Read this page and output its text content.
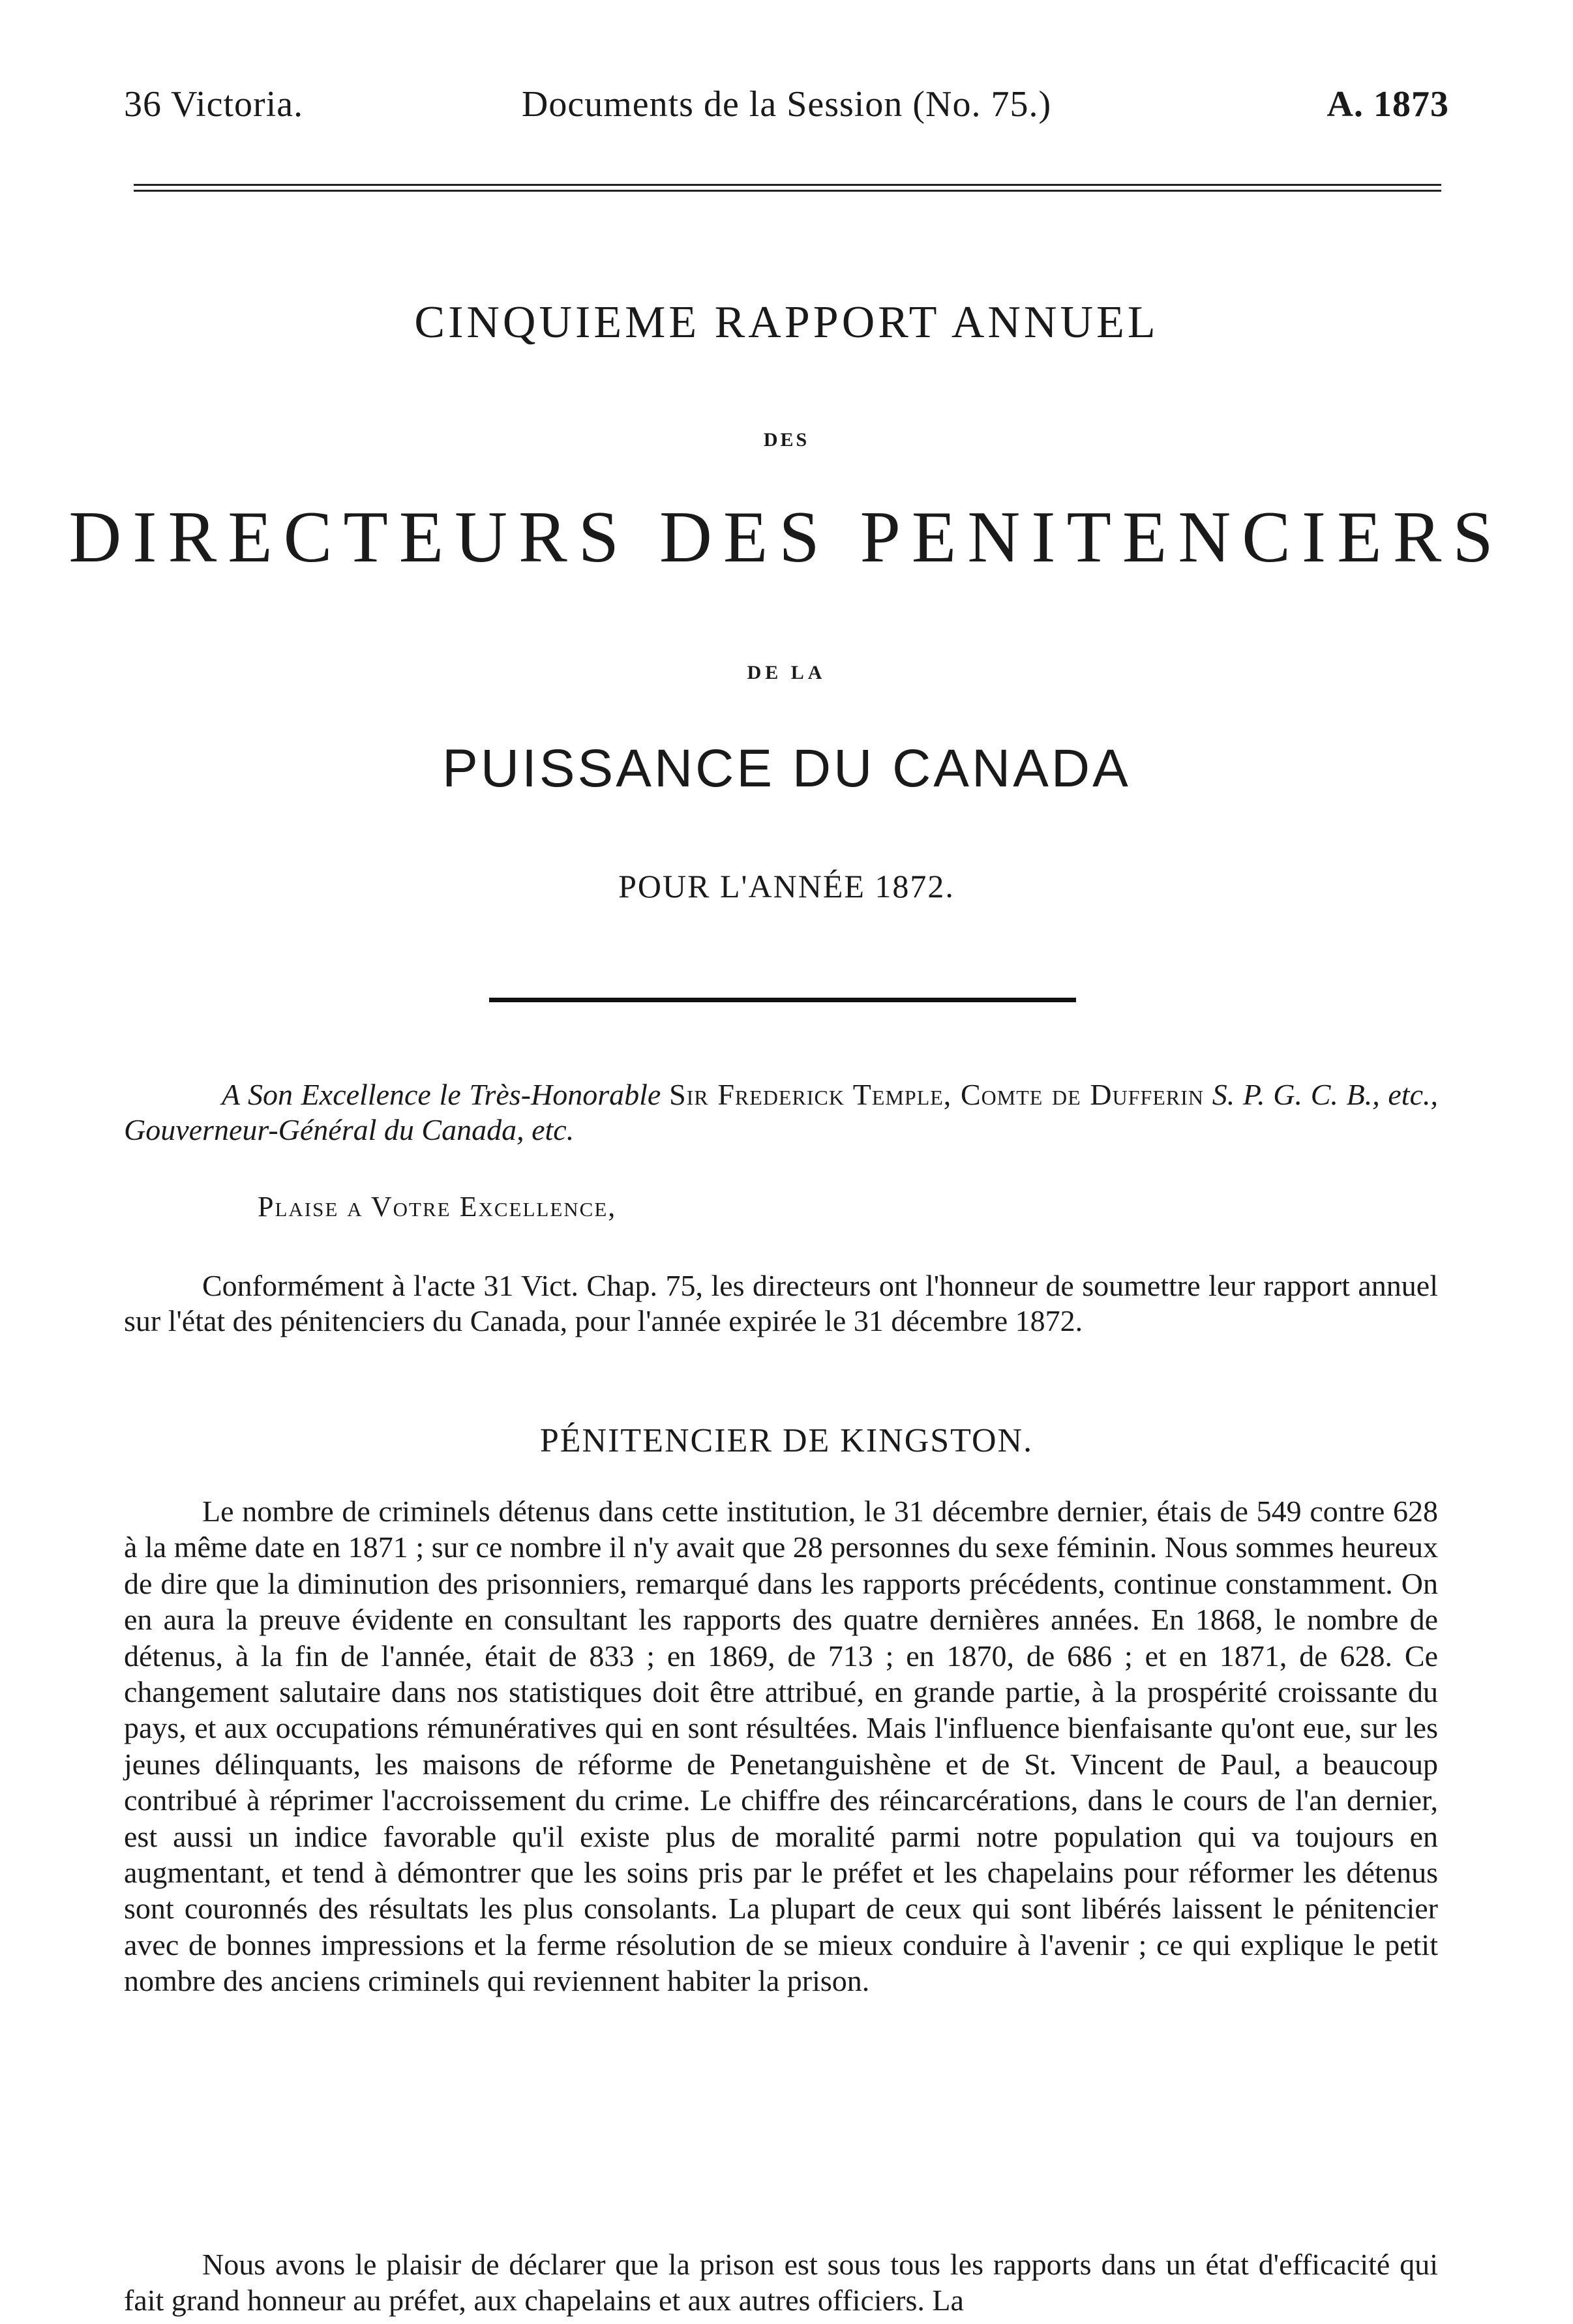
36 Victoria.	Documents de la Session (No. 75.)	A. 1873
CINQUIEME RAPPORT ANNUEL
DES
DIRECTEURS DES PENITENCIERS
DE LA
PUISSANCE DU CANADA
POUR L'ANNÉE 1872.
A Son Excellence le Très-Honorable Sir Frederick Temple, Comte de Dufferin S. P. G. C. B., etc., Gouverneur-Général du Canada, etc.
Plaise a Votre Excellence,
Conformément à l'acte 31 Vict. Chap. 75, les directeurs ont l'honneur de soumettre leur rapport annuel sur l'état des pénitenciers du Canada, pour l'année expirée le 31 décembre 1872.
PÉNITENCIER DE KINGSTON.
Le nombre de criminels détenus dans cette institution, le 31 décembre dernier, étais de 549 contre 628 à la même date en 1871 ; sur ce nombre il n'y avait que 28 personnes du sexe féminin. Nous sommes heureux de dire que la diminution des prisonniers, remarqué dans les rapports précédents, continue constamment. On en aura la preuve évidente en consultant les rapports des quatre dernières années. En 1868, le nombre de détenus, à la fin de l'année, était de 833 ; en 1869, de 713 ; en 1870, de 686 ; et en 1871, de 628. Ce changement salutaire dans nos statistiques doit être attribué, en grande partie, à la prospérité croissante du pays, et aux occupations rémunératives qui en sont résultées. Mais l'influence bienfaisante qu'ont eue, sur les jeunes délinquants, les maisons de réforme de Penetanguishène et de St. Vincent de Paul, a beaucoup contribué à réprimer l'accroissement du crime. Le chiffre des réincarcérations, dans le cours de l'an dernier, est aussi un indice favorable qu'il existe plus de moralité parmi notre population qui va toujours en augmentant, et tend à démontrer que les soins pris par le préfet et les chapelains pour réformer les détenus sont couronnés des résultats les plus consolants. La plupart de ceux qui sont libérés laissent le pénitencier avec de bonnes impressions et la ferme résolution de se mieux conduire à l'avenir ; ce qui explique le petit nombre des anciens criminels qui reviennent habiter la prison.
Nous avons le plaisir de déclarer que la prison est sous tous les rapports dans un état d'efficacité qui fait grand honneur au préfet, aux chapelains et aux autres officiers. La
